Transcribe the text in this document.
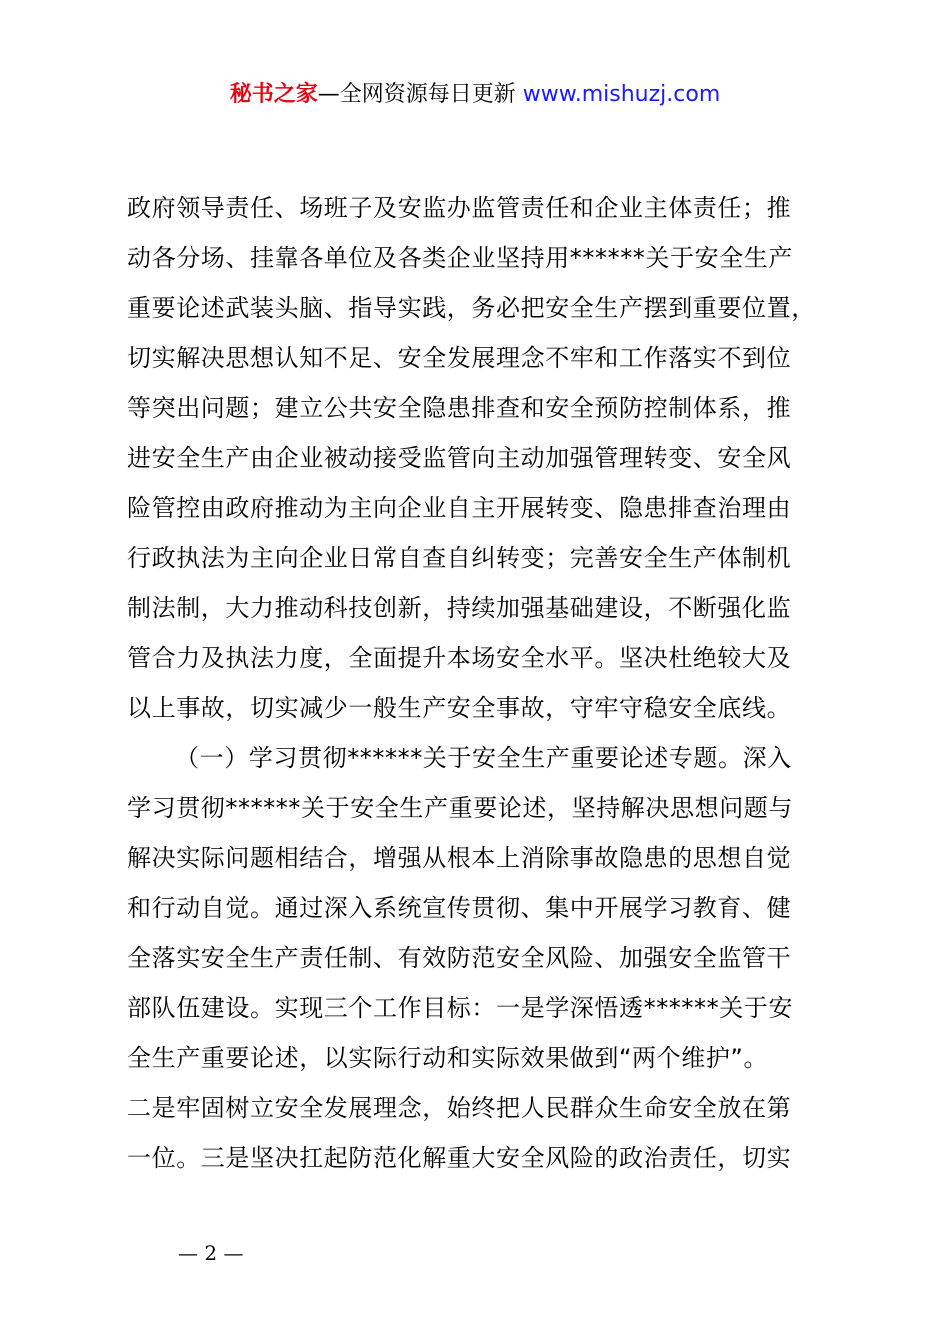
秘书之家—全网资源每日更新 www.mishuzj.com
政府领导责任、场班子及安监办监管责任和企业主体责任；推
动各分场、挂靠各单位及各类企业坚持用******关于安全生产
重要论述武装头脑、指导实践，务必把安全生产摆到重要位置，
切实解决思想认知不足、安全发展理念不牢和工作落实不到位
等突出问题；建立公共安全隐患排查和安全预防控制体系，推
进安全生产由企业被动接受监管向主动加强管理转变、安全风
险管控由政府推动为主向企业自主开展转变、隐患排查治理由
行政执法为主向企业日常自查自纠转变；完善安全生产体制机
制法制，大力推动科技创新，持续加强基础建设，不断强化监
管合力及执法力度，全面提升本场安全水平。坚决杜绝较大及
以上事故，切实减少一般生产安全事故，守牢守稳安全底线。
（一）学习贯彻******关于安全生产重要论述专题。深入
学习贯彻******关于安全生产重要论述，坚持解决思想问题与
解决实际问题相结合，增强从根本上消除事故隐患的思想自觉
和行动自觉。通过深入系统宣传贯彻、集中开展学习教育、健
全落实安全生产责任制、有效防范安全风险、加强安全监管干
部队伍建设。实现三个工作目标：一是学深悟透******关于安
全生产重要论述，以实际行动和实际效果做到“两个维护”。
二是牢固树立安全发展理念，始终把人民群众生命安全放在第
一位。三是坚决扛起防范化解重大安全风险的政治责任，切实
— 2 —
